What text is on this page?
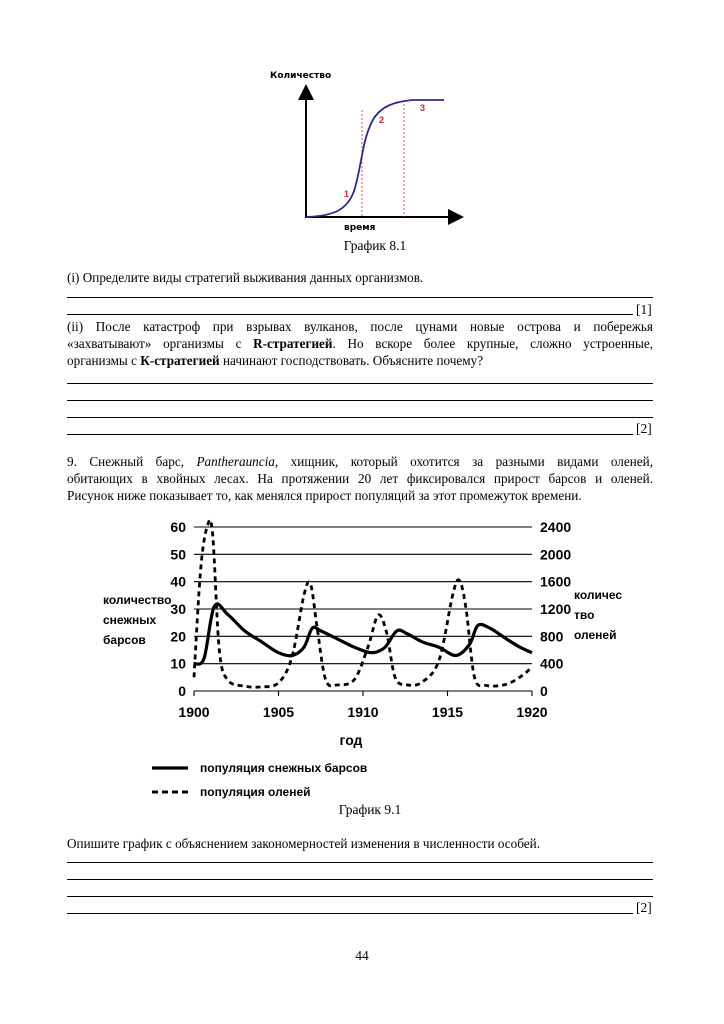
Количество
1
2
3
время
График 8.1
(i) Определите виды стратегий выживания данных организмов.
[1]
(ii) После катастроф при взрывах вулканов, после цунами новые острова и побережья
«захватывают» организмы с R-стратегией. Но вскоре более крупные, сложно устроенные,
организмы с К-стратегией начинают господствовать. Объясните почему?
[2]
9. Снежный барс, Pantherauncia, хищник, который охотится за разными видами оленей,
обитающих в хвойных лесах. На протяжении 20 лет фиксировался прирост барсов и оленей.
Рисунок ниже показывает то, как менялся прирост популяций за этот промежуток времени.
0
10
20
30
40
50
60
0
400
800
1200
1600
2000
2400
1900	1905	1910	1915	1920
год
популяция снежных барсов
популяция оленей
количество
снежных
барсов
количес
тво
оленей
График 9.1
Опишите график с объяснением закономерностей изменения в численности особей.
[2]
44
